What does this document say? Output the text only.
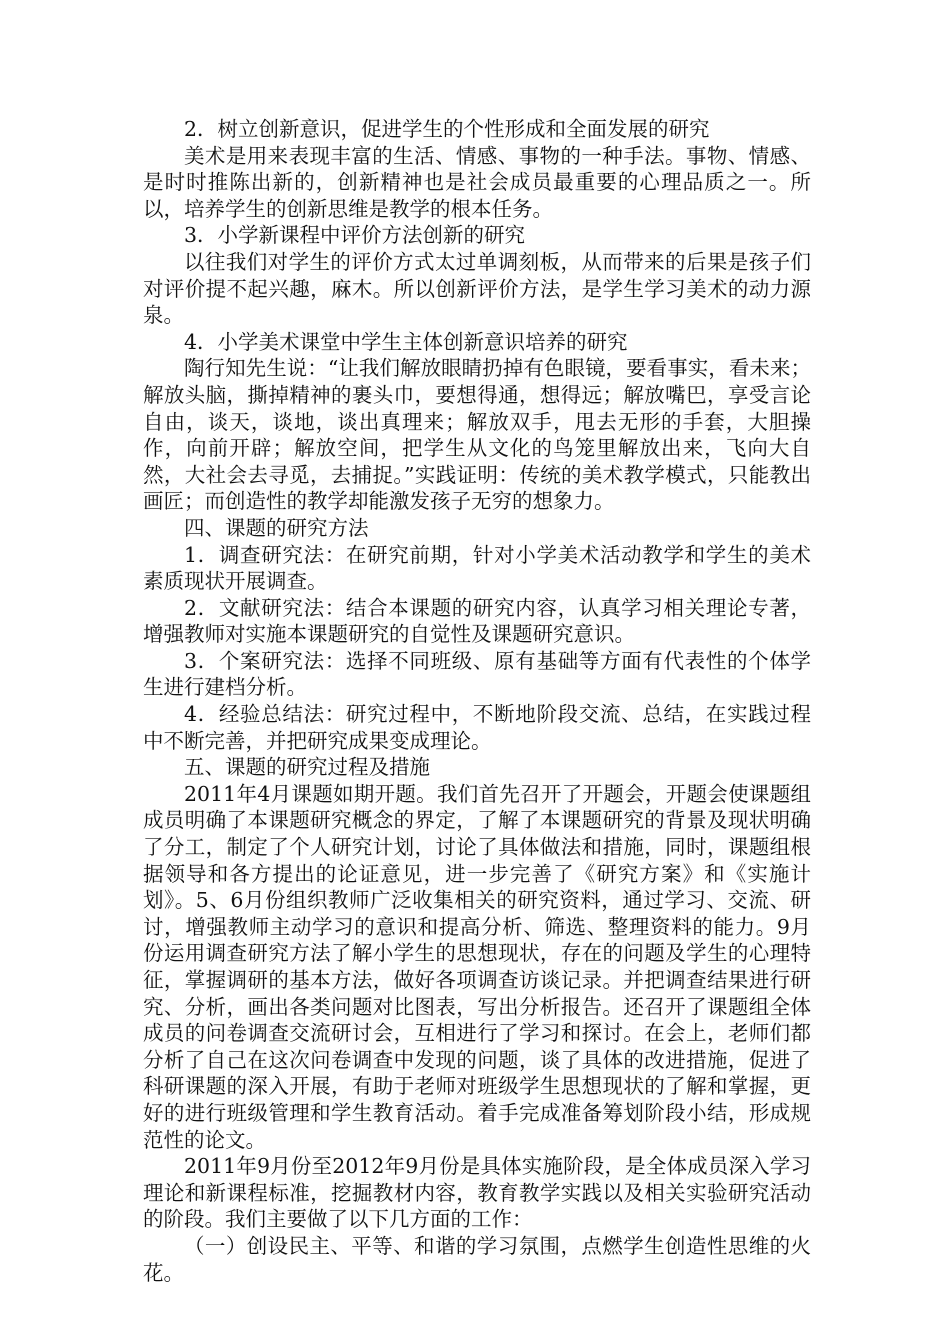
2．树立创新意识，促进学生的个性形成和全面发展的研究

美术是用来表现丰富的生活、情感、事物的一种手法。事物、情感、是时时推陈出新的，创新精神也是社会成员最重要的心理品质之一。所以，培养学生的创新思维是教学的根本任务。

3．小学新课程中评价方法创新的研究

以往我们对学生的评价方式太过单调刻板，从而带来的后果是孩子们对评价提不起兴趣，麻木。所以创新评价方法，是学生学习美术的动力源泉。

4．小学美术课堂中学生主体创新意识培养的研究

陶行知先生说：“让我们解放眼睛扔掉有色眼镜，要看事实，看未来；解放头脑，撕掉精神的裹头巾，要想得通，想得远；解放嘴巴，享受言论自由，谈天，谈地，谈出真理来；解放双手，甩去无形的手套，大胆操作，向前开辟；解放空间，把学生从文化的鸟笼里解放出来，飞向大自然，大社会去寻觅，去捕捉。”实践证明：传统的美术教学模式，只能教出画匠；而创造性的教学却能激发孩子无穷的想象力。

四、课题的研究方法

1．调查研究法：在研究前期，针对小学美术活动教学和学生的美术素质现状开展调查。

2．文献研究法：结合本课题的研究内容，认真学习相关理论专著，增强教师对实施本课题研究的自觉性及课题研究意识。

3．个案研究法：选择不同班级、原有基础等方面有代表性的个体学生进行建档分析。

4．经验总结法：研究过程中，不断地阶段交流、总结，在实践过程中不断完善，并把研究成果变成理论。

五、课题的研究过程及措施

2011年4月课题如期开题。我们首先召开了开题会，开题会使课题组成员明确了本课题研究概念的界定，了解了本课题研究的背景及现状明确了分工，制定了个人研究计划，讨论了具体做法和措施，同时，课题组根据领导和各方提出的论证意见，进一步完善了《研究方案》和《实施计划》。5、6月份组织教师广泛收集相关的研究资料，通过学习、交流、研讨，增强教师主动学习的意识和提高分析、筛选、整理资料的能力。9月份运用调查研究方法了解小学生的思想现状，存在的问题及学生的心理特征，掌握调研的基本方法，做好各项调查访谈记录。并把调查结果进行研究、分析，画出各类问题对比图表，写出分析报告。还召开了课题组全体成员的问卷调查交流研讨会，互相进行了学习和探讨。在会上，老师们都分析了自己在这次问卷调查中发现的问题，谈了具体的改进措施，促进了科研课题的深入开展，有助于老师对班级学生思想现状的了解和掌握，更好的进行班级管理和学生教育活动。着手完成准备筹划阶段小结，形成规范性的论文。

2011年9月份至2012年9月份是具体实施阶段，是全体成员深入学习理论和新课程标准，挖掘教材内容，教育教学实践以及相关实验研究活动的阶段。我们主要做了以下几方面的工作：

（一）创设民主、平等、和谐的学习氛围，点燃学生创造性思维的火花。
